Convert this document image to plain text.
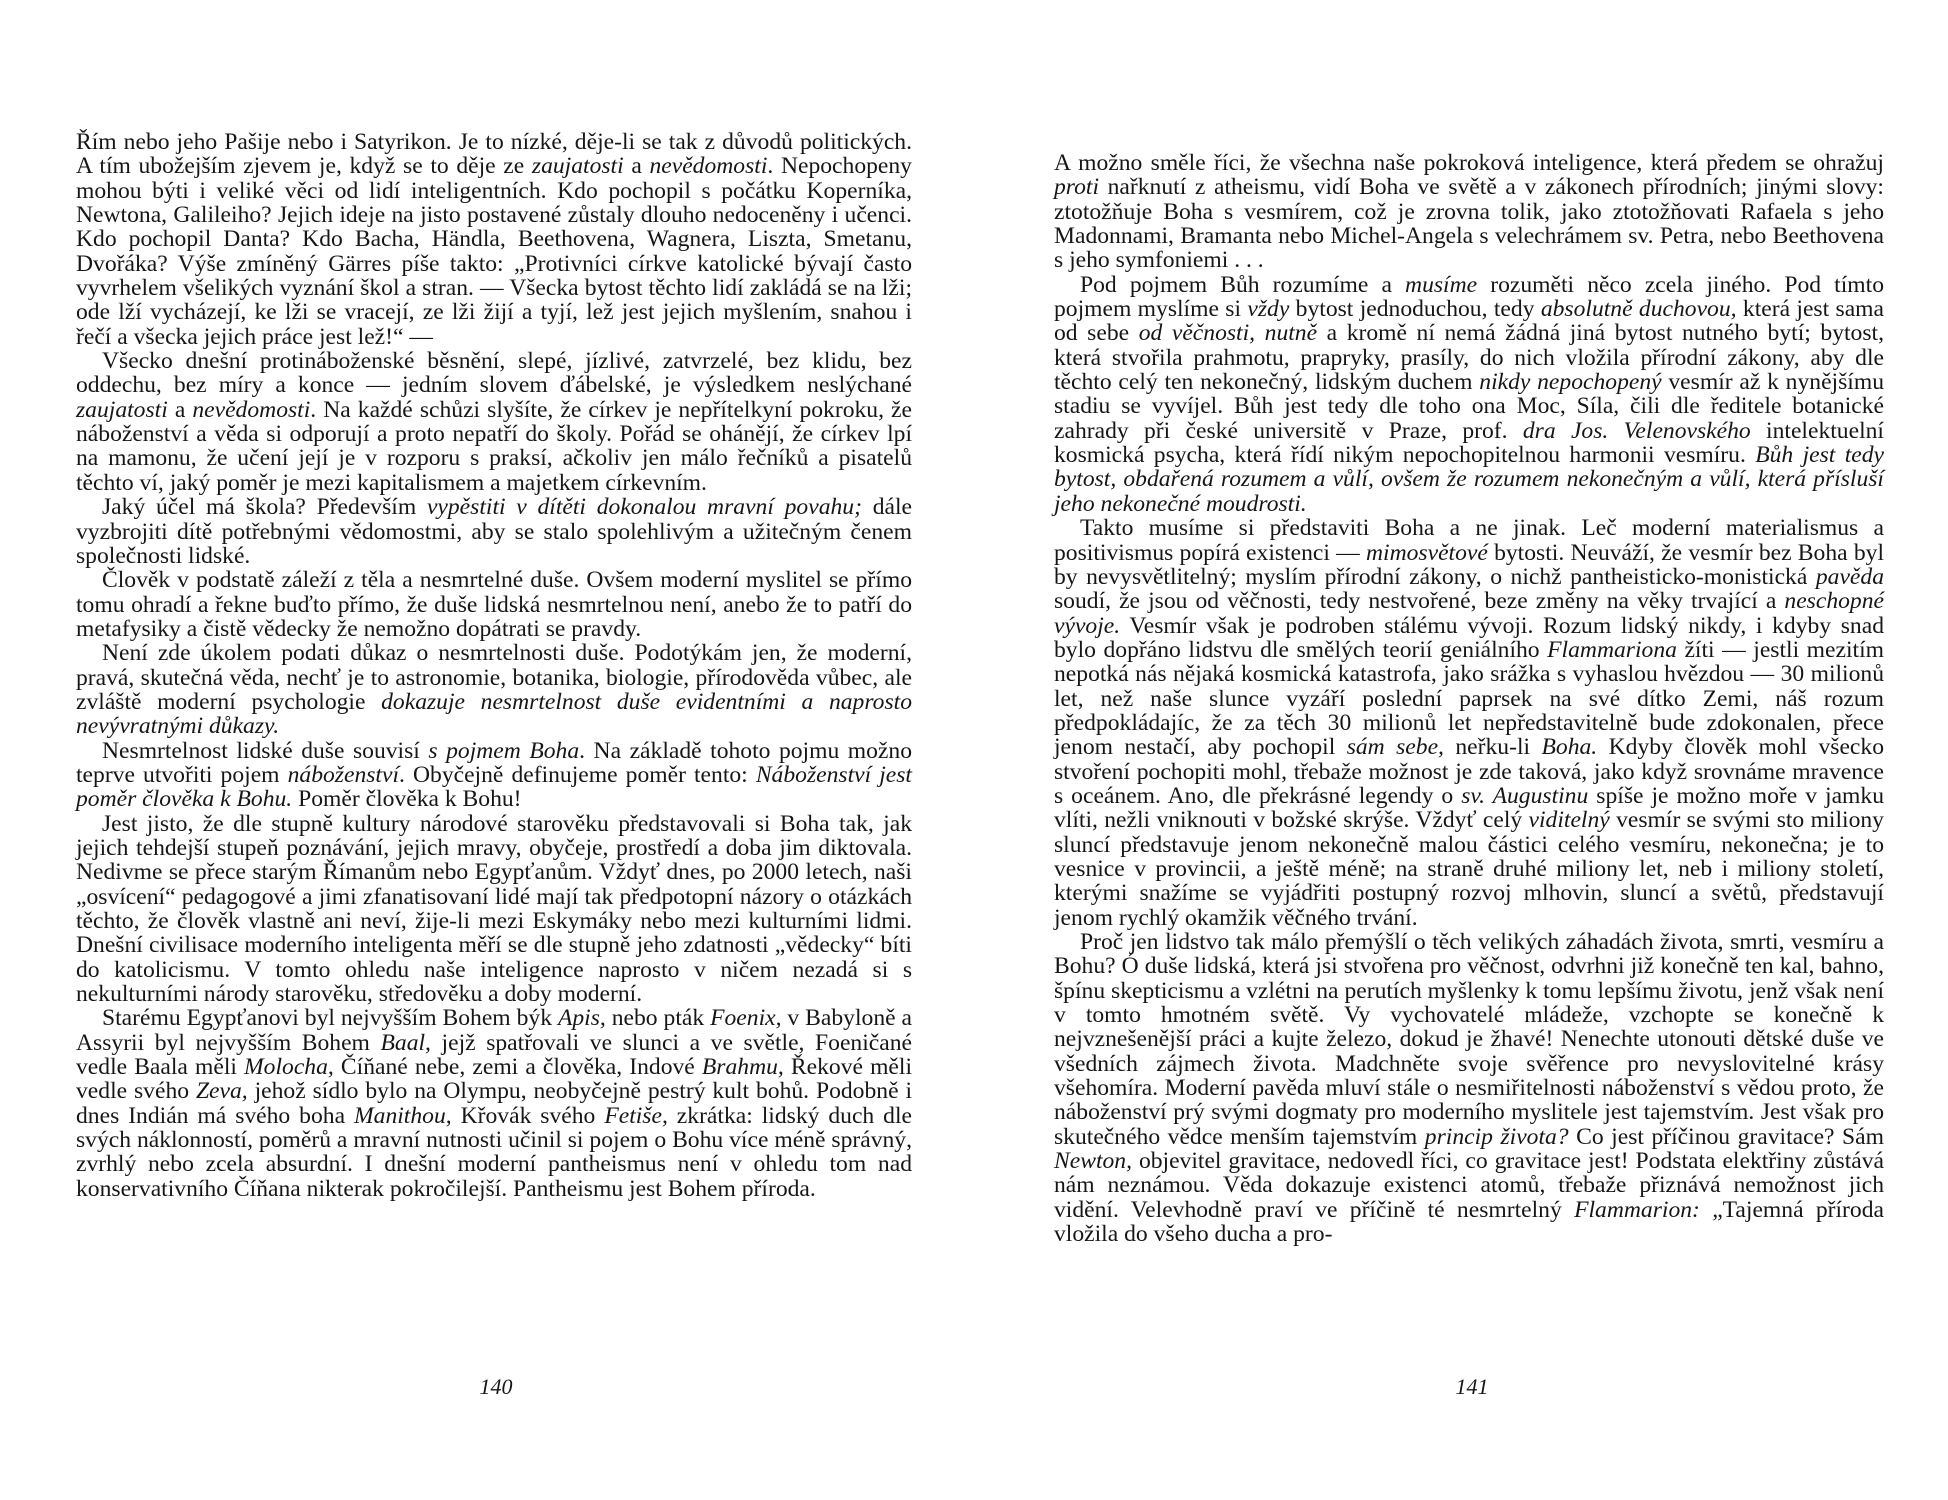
Řím nebo jeho Pašije nebo i Satyrikon. Je to nízké, děje-li se tak z důvodů politických. A tím ubožejším zjevem je, když se to děje ze zaujatosti a nevědomosti. Nepochopeny mohou býti i veliké věci od lidí inteligentních. Kdo pochopil s počátku Koperníka, Newtona, Galileiho? Jejich ideje na jisto postavené zůstaly dlouho nedoceněny i učenci. Kdo pochopil Danta? Kdo Bacha, Händla, Beethovena, Wagnera, Liszta, Smetanu, Dvořáka? Výše zmíněný Gärres píše takto: „Protivníci církve katolické bývají často vyvrhelem všelikých vyznání škol a stran. — Všecka bytost těchto lidí zakládá se na lži; ode lží vycházejí, ke lži se vracejí, ze lži žijí a tyjí, lež jest jejich myšlením, snahou i řečí a všecka jejich práce jest lež!“ —

Všecko dnešní protináboženské běsnění, slepé, jízlivé, zatvrzelé, bez klidu, bez oddechu, bez míry a konce — jedním slovem ďábelské, je výsledkem neslýchané zaujatosti a nevědomosti. Na každé schůzi slyšíte, že církev je nepřítelkyní pokroku, že náboženství a věda si odporují a proto nepatří do školy. Pořád se ohánějí, že církev lpí na mamonu, že učení její je v rozporu s praksí, ačkoliv jen málo řečníků a pisatelů těchto ví, jaký poměr je mezi kapitalismem a majetkem církevním.

Jaký účel má škola? Především vypěstiti v dítěti dokonalou mravní povahu; dále vyzbrojiti dítě potřebnými vědomostmi, aby se stalo spolehlivým a užitečným čenem společnosti lidské.

Člověk v podstatě záleží z těla a nesmrtelné duše. Ovšem moderní myslitel se přímo tomu ohradí a řekne buďto přímo, že duše lidská nesmrtelnou není, anebo že to patří do metafysiky a čistě vědecky že nemožno dopátrati se pravdy.

Není zde úkolem podati důkaz o nesmrtelnosti duše. Podotýkám jen, že moderní, pravá, skutečná věda, nechť je to astronomie, botanika, biologie, přírodověda vůbec, ale zvláště moderní psychologie dokazuje nesmrtelnost duše evidentními a naprosto nevývratnými důkazy.

Nesmrtelnost lidské duše souvisí s pojmem Boha. Na základě tohoto pojmu možno teprve utvořiti pojem náboženství. Obyčejně definujeme poměr tento: Náboženství jest poměr člověka k Bohu. Poměr člověka k Bohu!

Jest jisto, že dle stupně kultury národové starověku představovali si Boha tak, jak jejich tehdejší stupeň poznávání, jejich mravy, obyčeje, prostředí a doba jim diktovala. Nedivme se přece starým Římanům nebo Egypťanům. Vždyť dnes, po 2000 letech, naši „osvícení“ pedagogové a jimi zfanatisovaní lidé mají tak předpotopní názory o otázkách těchto, že člověk vlastně ani neví, žije-li mezi Eskymáky nebo mezi kulturními lidmi. Dnešní civilisace moderního inteligenta měří se dle stupně jeho zdatnosti „vědecky“ bíti do katolicismu. V tomto ohledu naše inteligence naprosto v ničem nezadá si s nekulturními národy starověku, středověku a doby moderní.

Starému Egypťanovi byl nejvyšším Bohem býk Apis, nebo pták Foenix, v Babyloně a Assyrii byl nejvyšším Bohem Baal, jejž spatřovali ve slunci a ve světle, Foeničané vedle Baala měli Molocha, Číňané nebe, zemi a člověka, Indové Brahmu, Řekové měli vedle svého Zeva, jehož sídlo bylo na Olympu, neobyčejně pestrý kult bohů. Podobně i dnes Indián má svého boha Manithou, Křovák svého Fetiše, zkrátka: lidský duch dle svých náklonností, poměrů a mravní nutnosti učinil si pojem o Bohu více méně správný, zvrhlý nebo zcela absurdní. I dnešní moderní pantheismus není v ohledu tom nad konservativního Číňana nikterak pokročilejší. Pantheismu jest Bohem příroda.

140

A možno směle říci, že všechna naše pokroková inteligence, která předem se ohražuj proti nařknutí z atheismu, vidí Boha ve světě a v zákonech přírodních; jinými slovy: ztotožňuje Boha s vesmírem, což je zrovna tolik, jako ztotožňovati Rafaela s jeho Madonnami, Bramanta nebo Michel-Angela s velechrámem sv. Petra, nebo Beethovena s jeho symfoniemi . . .

Pod pojmem Bůh rozumíme a musíme rozuměti něco zcela jiného. Pod tímto pojmem myslíme si vždy bytost jednoduchou, tedy absolutně duchovou, která jest sama od sebe od věčnosti, nutně a kromě ní nemá žádná jiná bytost nutného bytí; bytost, která stvořila prahmotu, prapryky, prasíly, do nich vložila přírodní zákony, aby dle těchto celý ten nekonečný, lidským duchem nikdy nepochopený vesmír až k nynějšímu stadiu se vyvíjel. Bůh jest tedy dle toho ona Moc, Síla, čili dle ředitele botanické zahrady při české universitě v Praze, prof. dra Jos. Velenovského intelektuelní kosmická psycha, která řídí nikým nepochopitelnou harmonii vesmíru. Bůh jest tedy bytost, obdařená rozumem a vůlí, ovšem že rozumem nekonečným a vůlí, která přísluší jeho nekonečné moudrosti.

Takto musíme si představiti Boha a ne jinak. Leč moderní materialismus a positivismus popírá existenci — mimosvětové bytosti. Neuváží, že vesmír bez Boha byl by nevysvětlitelný; myslím přírodní zákony, o nichž pantheisticko-monistická pavěda soudí, že jsou od věčnosti, tedy nestvořené, beze změny na věky trvající a neschopné vývoje. Vesmír však je podroben stálému vývoji. Rozum lidský nikdy, i kdyby snad bylo dopřáno lidstvu dle smělých teorií geniálního Flammariona žíti — jestli mezitím nepotká nás nějaká kosmická katastrofa, jako srážka s vyhaslou hvězdou — 30 milionů let, než naše slunce vyzáří poslední paprsek na své dítko Zemi, náš rozum předpokládajíc, že za těch 30 milionů let nepředstavitelně bude zdokonalen, přece jenom nestačí, aby pochopil sám sebe, neřku-li Boha. Kdyby člověk mohl všecko stvoření pochopiti mohl, třebaže možnost je zde taková, jako když srovnáme mravence s oceánem. Ano, dle překrásné legendy o sv. Augustinu spíše je možno moře v jamku vlíti, nežli vniknouti v božské skrýše. Vždyť celý viditelný vesmír se svými sto miliony sluncí představuje jenom nekonečně malou částici celého vesmíru, nekonečna; je to vesnice v provincii, a ještě méně; na straně druhé miliony let, neb i miliony století, kterými snažíme se vyjádřiti postupný rozvoj mlhovin, sluncí a světů, představují jenom rychlý okamžik věčného trvání.

Proč jen lidstvo tak málo přemýšlí o těch velikých záhadách života, smrti, vesmíru a Bohu? Ó duše lidská, která jsi stvořena pro věčnost, odvrhni již konečně ten kal, bahno, špínu skepticismu a vzlétni na perutích myšlenky k tomu lepšímu životu, jenž však není v tomto hmotném světě. Vy vychovatelé mládeže, vzchopte se konečně k nejvznešenější práci a kujte železo, dokud je žhavé! Nenechte utonouti dětské duše ve všedních zájmech života. Madchněte svoje svěřence pro nevyslovitelné krásy všehomíra. Moderní pavěda mluví stále o nesmiřitelnosti náboženství s vědou proto, že náboženství prý svými dogmaty pro moderního myslitele jest tajemstvím. Jest však pro skutečného vědce menším tajemstvím princip života? Co jest příčinou gravitace? Sám Newton, objevitel gravitace, nedovedl říci, co gravitace jest! Podstata elektřiny zůstává nám neznámou. Věda dokazuje existenci atomů, třebaže přiznává nemožnost jich vidění. Velevhodně praví ve příčině té nesmrtelný Flammarion: „Tajemná příroda vložila do všeho ducha a pro-

141
